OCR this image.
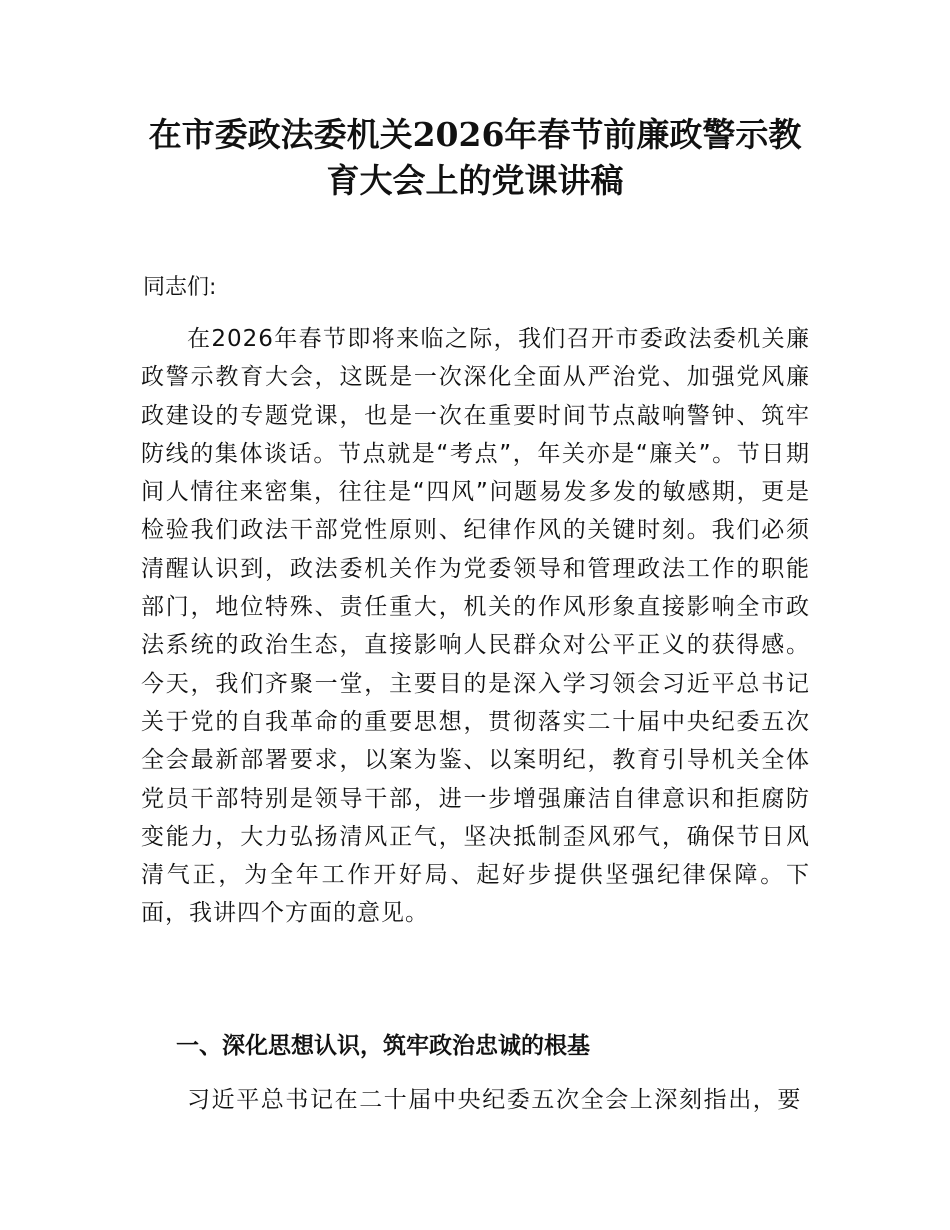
在市委政法委机关2026年春节前廉政警示教育大会上的党课讲稿

同志们:

在2026年春节即将来临之际，我们召开市委政法委机关廉政警示教育大会，这既是一次深化全面从严治党、加强党风廉政建设的专题党课，也是一次在重要时间节点敲响警钟、筑牢防线的集体谈话。节点就是“考点”，年关亦是“廉关”。节日期间人情往来密集，往往是“四风”问题易发多发的敏感期，更是检验我们政法干部党性原则、纪律作风的关键时刻。我们必须清醒认识到，政法委机关作为党委领导和管理政法工作的职能部门，地位特殊、责任重大，机关的作风形象直接影响全市政法系统的政治生态，直接影响人民群众对公平正义的获得感。今天，我们齐聚一堂，主要目的是深入学习领会习近平总书记关于党的自我革命的重要思想，贯彻落实二十届中央纪委五次全会最新部署要求，以案为鉴、以案明纪，教育引导机关全体党员干部特别是领导干部，进一步增强廉洁自律意识和拒腐防变能力，大力弘扬清风正气，坚决抵制歪风邪气，确保节日风清气正，为全年工作开好局、起好步提供坚强纪律保障。下面，我讲四个方面的意见。

一、深化思想认识，筑牢政治忠诚的根基

习近平总书记在二十届中央纪委五次全会上深刻指出，要
